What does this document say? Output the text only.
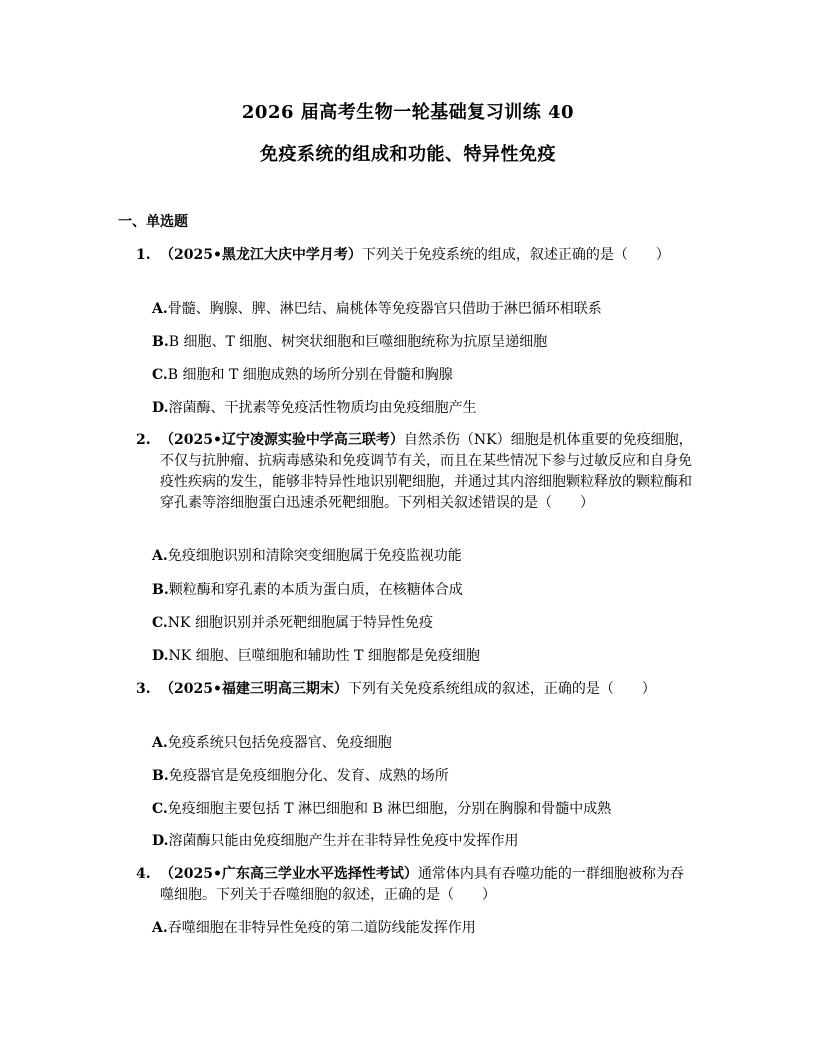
2026 届高考生物一轮基础复习训练 40
免疫系统的组成和功能、特异性免疫
一、单选题
1. （2025•黑龙江大庆中学月考）下列关于免疫系统的组成，叙述正确的是（　　）
A.骨髓、胸腺、脾、淋巴结、扁桃体等免疫器官只借助于淋巴循环相联系
B.B 细胞、T 细胞、树突状细胞和巨噬细胞统称为抗原呈递细胞
C.B 细胞和 T 细胞成熟的场所分别在骨髓和胸腺
D.溶菌酶、干扰素等免疫活性物质均由免疫细胞产生
2. （2025•辽宁凌源实验中学高三联考）自然杀伤（NK）细胞是机体重要的免疫细胞，不仅与抗肿瘤、抗病毒感染和免疫调节有关，而且在某些情况下参与过敏反应和自身免疫性疾病的发生，能够非特异性地识别靶细胞，并通过其内溶细胞颗粒释放的颗粒酶和穿孔素等溶细胞蛋白迅速杀死靶细胞。下列相关叙述错误的是（　　）
A.免疫细胞识别和清除突变细胞属于免疫监视功能
B.颗粒酶和穿孔素的本质为蛋白质，在核糖体合成
C.NK 细胞识别并杀死靶细胞属于特异性免疫
D.NK 细胞、巨噬细胞和辅助性 T 细胞都是免疫细胞
3. （2025•福建三明高三期末）下列有关免疫系统组成的叙述，正确的是（　　）
A.免疫系统只包括免疫器官、免疫细胞
B.免疫器官是免疫细胞分化、发育、成熟的场所
C.免疫细胞主要包括 T 淋巴细胞和 B 淋巴细胞，分别在胸腺和骨髓中成熟
D.溶菌酶只能由免疫细胞产生并在非特异性免疫中发挥作用
4. （2025•广东高三学业水平选择性考试）通常体内具有吞噬功能的一群细胞被称为吞噬细胞。下列关于吞噬细胞的叙述，正确的是（　　）
A.吞噬细胞在非特异性免疫的第二道防线能发挥作用
